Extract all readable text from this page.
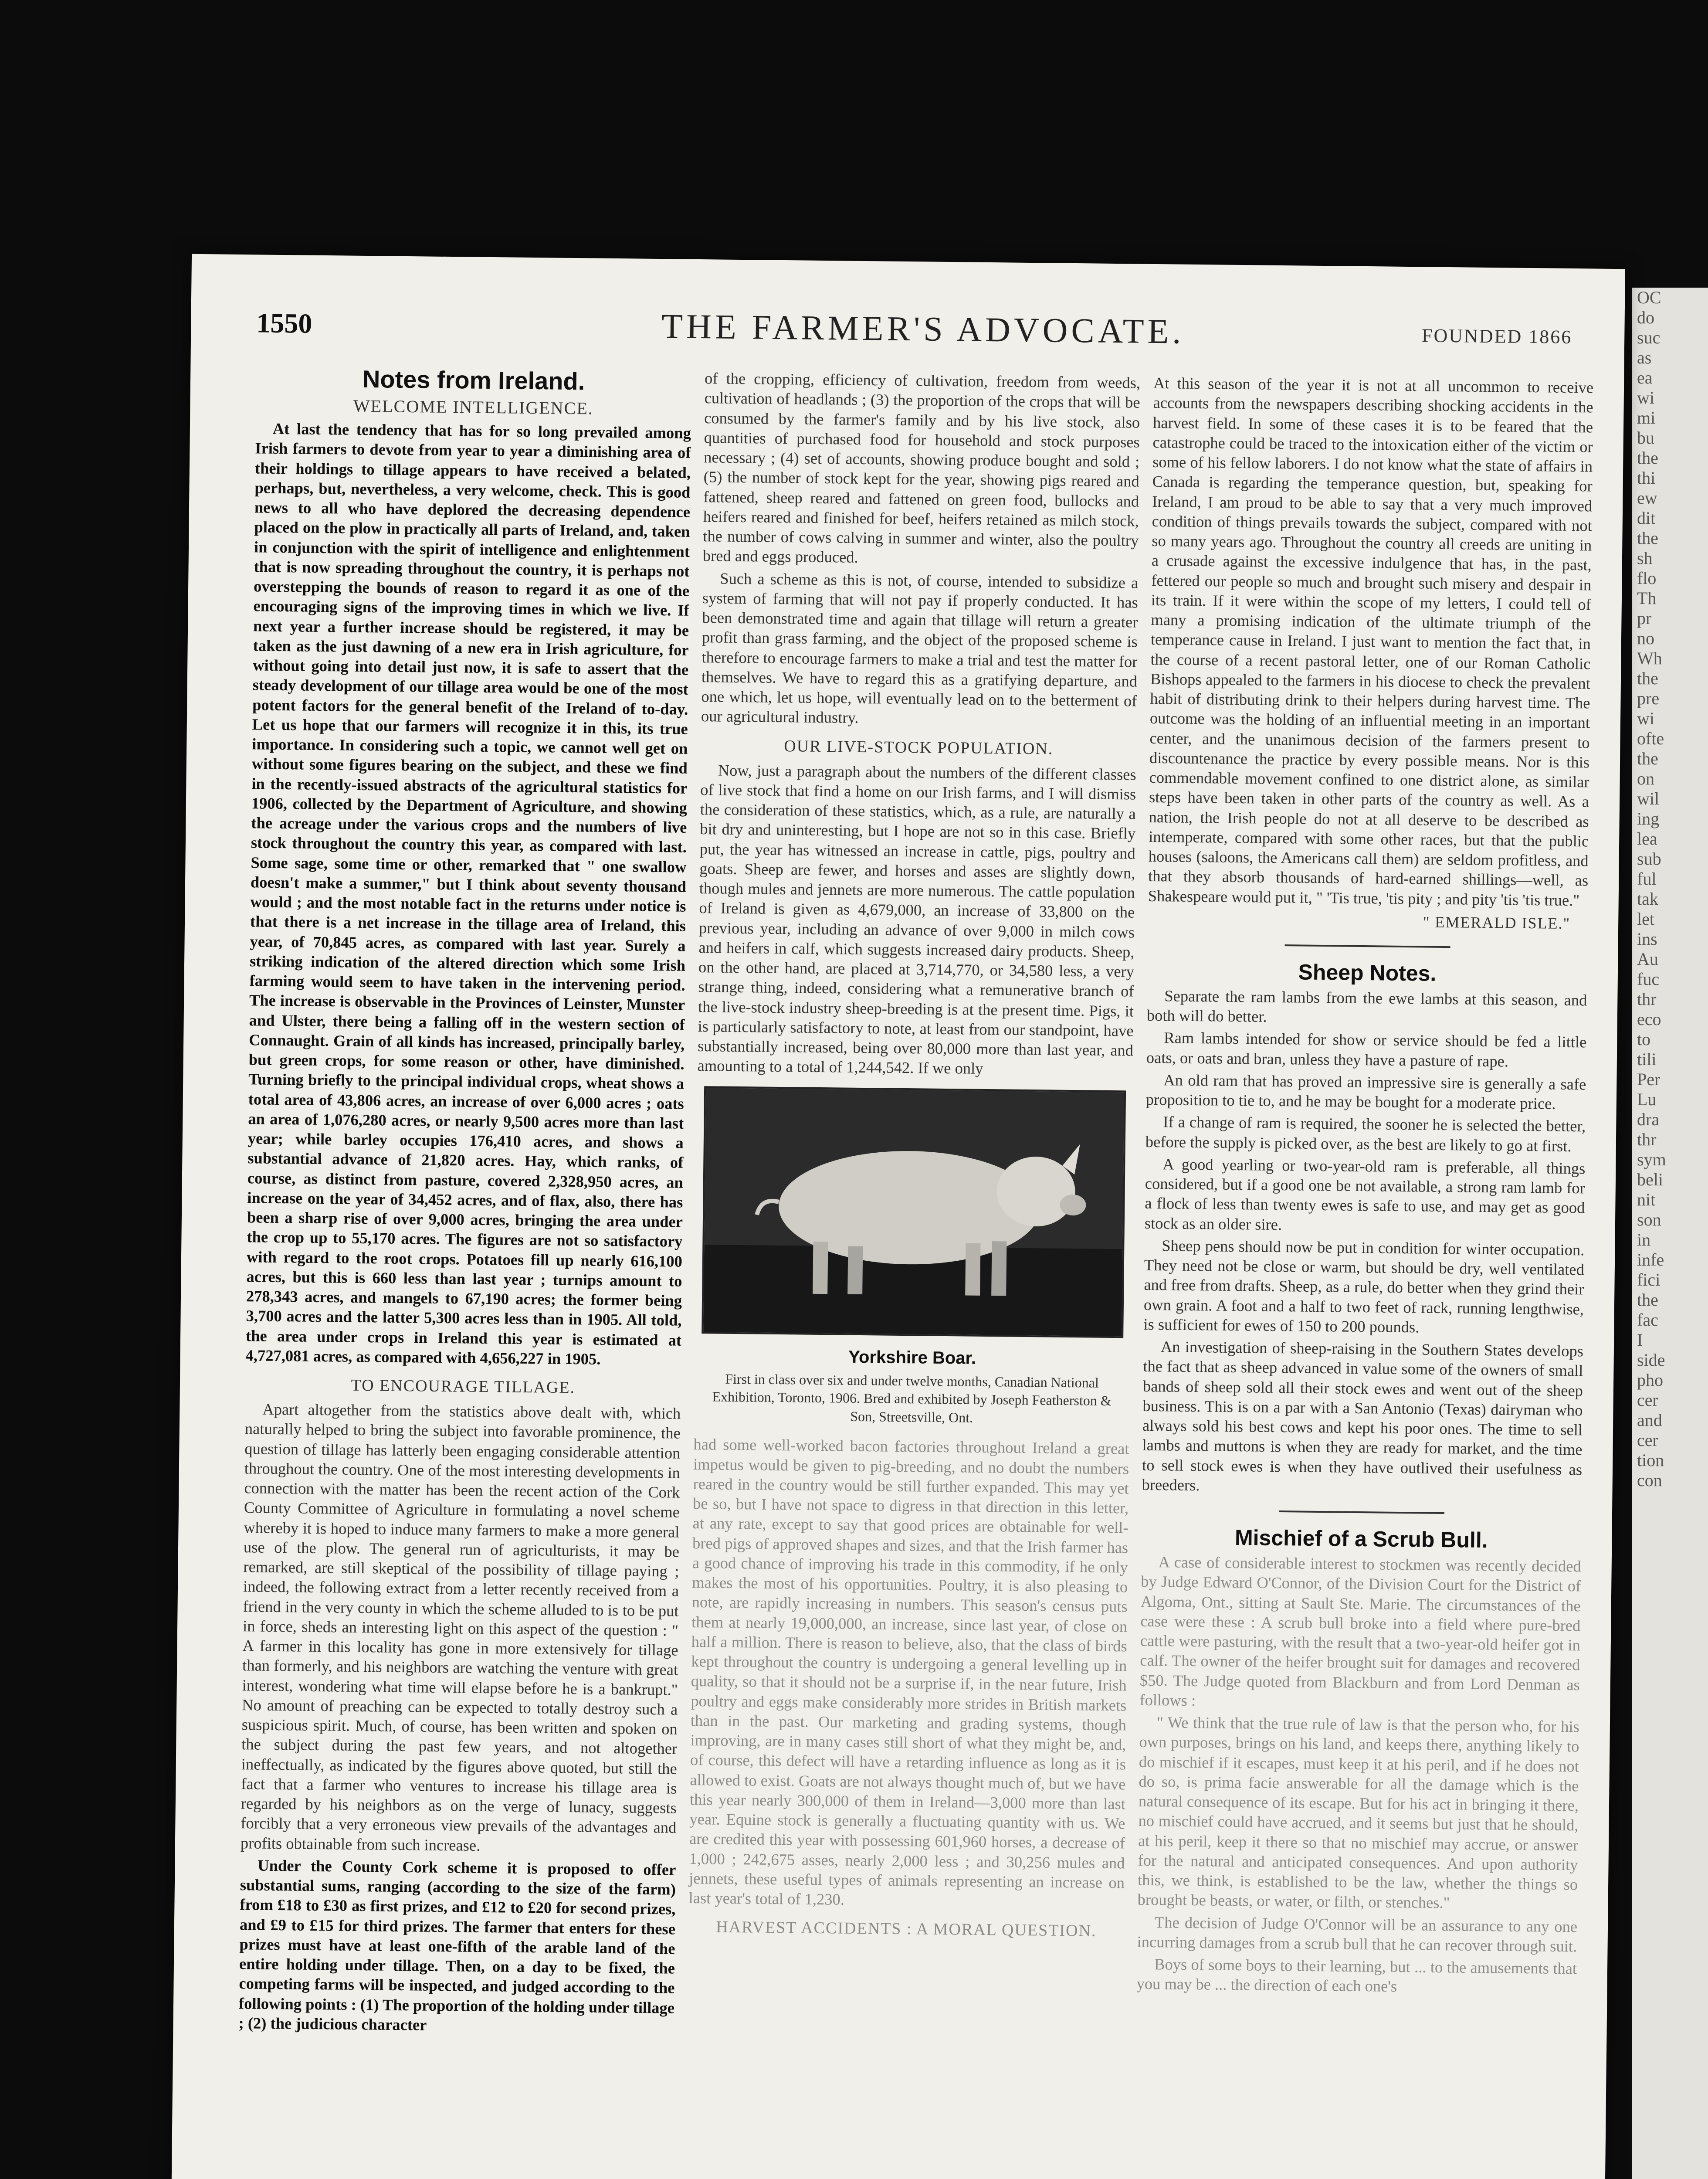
OC
do
suc
as
ea
wi
mi
bu
the
thi
ew
dit
the
sh
flo
Th
pr
no
Wh
the
pre
wi
ofte
the
on
wil
ing
lea
sub
ful
tak
let
ins
Au
fuc
thr
eco
to
tili
Per
Lu
dra
thr
sym
beli
nit
son
in
infe
fici
the
fac
I
side
pho
cer
and
cer
tion
con
1550	THE FARMER'S ADVOCATE.	FOUNDED 1866
Notes from Ireland.
WELCOME INTELLIGENCE.

At last the tendency that has for so long prevailed among Irish farmers to devote from year to year a diminishing area of their holdings to tillage appears to have received a belated, perhaps, but, nevertheless, a very welcome, check. This is good news to all who have deplored the decreasing dependence placed on the plow in practically all parts of Ireland, and, taken in conjunction with the spirit of intelligence and enlightenment that is now spreading throughout the country, it is perhaps not overstepping the bounds of reason to regard it as one of the encouraging signs of the improving times in which we live. If next year a further increase should be registered, it may be taken as the just dawning of a new era in Irish agriculture, for without going into detail just now, it is safe to assert that the steady development of our tillage area would be one of the most potent factors for the general benefit of the Ireland of to-day. Let us hope that our farmers will recognize it in this, its true importance. In considering such a topic, we cannot well get on without some figures bearing on the subject, and these we find in the recently-issued abstracts of the agricultural statistics for 1906, collected by the Department of Agriculture, and showing the acreage under the various crops and the numbers of live stock throughout the country this year, as compared with last. Some sage, some time or other, remarked that " one swallow doesn't make a summer," but I think about seventy thousand would ; and the most notable fact in the returns under notice is that there is a net increase in the tillage area of Ireland, this year, of 70,845 acres, as compared with last year. Surely a striking indication of the altered direction which some Irish farming would seem to have taken in the intervening period. The increase is observable in the Provinces of Leinster, Munster and Ulster, there being a falling off in the western section of Connaught. Grain of all kinds has increased, principally barley, but green crops, for some reason or other, have diminished. Turning briefly to the principal individual crops, wheat shows a total area of 43,806 acres, an increase of over 6,000 acres ; oats an area of 1,076,280 acres, or nearly 9,500 acres more than last year; while barley occupies 176,410 acres, and shows a substantial advance of 21,820 acres. Hay, which ranks, of course, as distinct from pasture, covered 2,328,950 acres, an increase on the year of 34,452 acres, and of flax, also, there has been a sharp rise of over 9,000 acres, bringing the area under the crop up to 55,170 acres. The figures are not so satisfactory with regard to the root crops. Potatoes fill up nearly 616,100 acres, but this is 660 less than last year ; turnips amount to 278,343 acres, and mangels to 67,190 acres; the former being 3,700 acres and the latter 5,300 acres less than in 1905. All told, the area under crops in Ireland this year is estimated at 4,727,081 acres, as compared with 4,656,227 in 1905.

TO ENCOURAGE TILLAGE.

Apart altogether from the statistics above dealt with, which naturally helped to bring the subject into favorable prominence, the question of tillage has latterly been engaging considerable attention throughout the country. One of the most interesting developments in connection with the matter has been the recent action of the Cork County Committee of Agriculture in formulating a novel scheme whereby it is hoped to induce many farmers to make a more general use of the plow. The general run of agriculturists, it may be remarked, are still skeptical of the possibility of tillage paying ; indeed, the following extract from a letter recently received from a friend in the very county in which the scheme alluded to is to be put in force, sheds an interesting light on this aspect of the question : " A farmer in this locality has gone in more extensively for tillage than formerly, and his neighbors are watching the venture with great interest, wondering what time will elapse before he is a bankrupt." No amount of preaching can be expected to totally destroy such a suspicious spirit. Much, of course, has been written and spoken on the subject during the past few years, and not altogether ineffectually, as indicated by the figures above quoted, but still the fact that a farmer who ventures to increase his tillage area is regarded by his neighbors as on the verge of lunacy, suggests forcibly that a very erroneous view prevails of the advantages and profits obtainable from such increase.

Under the County Cork scheme it is proposed to offer substantial sums, ranging (according to the size of the farm) from £18 to £30 as first prizes, and £12 to £20 for second prizes, and £9 to £15 for third prizes. The farmer that enters for these prizes must have at least one-fifth of the arable land of the entire holding under tillage. Then, on a day to be fixed, the competing farms will be inspected, and judged according to the following points : (1) The proportion of the holding under tillage ; (2) the judicious character

of the cropping, efficiency of cultivation, freedom from weeds, cultivation of headlands ; (3) the proportion of the crops that will be consumed by the farmer's family and by his live stock, also quantities of purchased food for household and stock purposes necessary ; (4) set of accounts, showing produce bought and sold ; (5) the number of stock kept for the year, showing pigs reared and fattened, sheep reared and fattened on green food, bullocks and heifers reared and finished for beef, heifers retained as milch stock, the number of cows calving in summer and winter, also the poultry bred and eggs produced.

Such a scheme as this is not, of course, intended to subsidize a system of farming that will not pay if properly conducted. It has been demonstrated time and again that tillage will return a greater profit than grass farming, and the object of the proposed scheme is therefore to encourage farmers to make a trial and test the matter for themselves. We have to regard this as a gratifying departure, and one which, let us hope, will eventually lead on to the betterment of our agricultural industry.

OUR LIVE-STOCK POPULATION.

Now, just a paragraph about the numbers of the different classes of live stock that find a home on our Irish farms, and I will dismiss the consideration of these statistics, which, as a rule, are naturally a bit dry and uninteresting, but I hope are not so in this case. Briefly put, the year has witnessed an increase in cattle, pigs, poultry and goats. Sheep are fewer, and horses and asses are slightly down, though mules and jennets are more numerous. The cattle population of Ireland is given as 4,679,000, an increase of 33,800 on the previous year, including an advance of over 9,000 in milch cows and heifers in calf, which suggests increased dairy products. Sheep, on the other hand, are placed at 3,714,770, or 34,580 less, a very strange thing, indeed, considering what a remunerative branch of the live-stock industry sheep-breeding is at the present time. Pigs, it is particularly satisfactory to note, at least from our standpoint, have substantially increased, being over 80,000 more than last year, and amounting to a total of 1,244,542. If we only

Yorkshire Boar.
First in class over six and under twelve months, Canadian National Exhibition, Toronto, 1906. Bred and exhibited by Joseph Featherston & Son, Streetsville, Ont.

had some well-worked bacon factories throughout Ireland a great impetus would be given to pig-breeding, and no doubt the numbers reared in the country would be still further expanded. This may yet be so, but I have not space to digress in that direction in this letter, at any rate, except to say that good prices are obtainable for well-bred pigs of approved shapes and sizes, and that the Irish farmer has a good chance of improving his trade in this commodity, if he only makes the most of his opportunities. Poultry, it is also pleasing to note, are rapidly increasing in numbers. This season's census puts them at nearly 19,000,000, an increase, since last year, of close on half a million. There is reason to believe, also, that the class of birds kept throughout the country is undergoing a general levelling up in quality, so that it should not be a surprise if, in the near future, Irish poultry and eggs make considerably more strides in British markets than in the past. Our marketing and grading systems, though improving, are in many cases still short of what they might be, and, of course, this defect will have a retarding influence as long as it is allowed to exist. Goats are not always thought much of, but we have this year nearly 300,000 of them in Ireland—3,000 more than last year. Equine stock is generally a fluctuating quantity with us. We are credited this year with possessing 601,960 horses, a decrease of 1,000 ; 242,675 asses, nearly 2,000 less ; and 30,256 mules and jennets, these useful types of animals representing an increase on last year's total of 1,230.

HARVEST ACCIDENTS : A MORAL QUESTION.

At this season of the year it is not at all uncommon to receive accounts from the newspapers describing shocking accidents in the harvest field. In some of these cases it is to be feared that the catastrophe could be traced to the intoxication either of the victim or some of his fellow laborers. I do not know what the state of affairs in Canada is regarding the temperance question, but, speaking for Ireland, I am proud to be able to say that a very much improved condition of things prevails towards the subject, compared with not so many years ago. Throughout the country all creeds are uniting in a crusade against the excessive indulgence that has, in the past, fettered our people so much and brought such misery and despair in its train. If it were within the scope of my letters, I could tell of many a promising indication of the ultimate triumph of the temperance cause in Ireland. I just want to mention the fact that, in the course of a recent pastoral letter, one of our Roman Catholic Bishops appealed to the farmers in his diocese to check the prevalent habit of distributing drink to their helpers during harvest time. The outcome was the holding of an influential meeting in an important center, and the unanimous decision of the farmers present to discountenance the practice by every possible means. Nor is this commendable movement confined to one district alone, as similar steps have been taken in other parts of the country as well. As a nation, the Irish people do not at all deserve to be described as intemperate, compared with some other races, but that the public houses (saloons, the Americans call them) are seldom profitless, and that they absorb thousands of hard-earned shillings—well, as Shakespeare would put it, " 'Tis true, 'tis pity ; and pity 'tis 'tis true."

" EMERALD ISLE."
Sheep Notes.

Separate the ram lambs from the ewe lambs at this season, and both will do better.

Ram lambs intended for show or service should be fed a little oats, or oats and bran, unless they have a pasture of rape.

An old ram that has proved an impressive sire is generally a safe proposition to tie to, and he may be bought for a moderate price.

If a change of ram is required, the sooner he is selected the better, before the supply is picked over, as the best are likely to go at first.

A good yearling or two-year-old ram is preferable, all things considered, but if a good one be not available, a strong ram lamb for a flock of less than twenty ewes is safe to use, and may get as good stock as an older sire.

Sheep pens should now be put in condition for winter occupation. They need not be close or warm, but should be dry, well ventilated and free from drafts. Sheep, as a rule, do better when they grind their own grain. A foot and a half to two feet of rack, running lengthwise, is sufficient for ewes of 150 to 200 pounds.

An investigation of sheep-raising in the Southern States develops the fact that as sheep advanced in value some of the owners of small bands of sheep sold all their stock ewes and went out of the sheep business. This is on a par with a San Antonio (Texas) dairyman who always sold his best cows and kept his poor ones. The time to sell lambs and muttons is when they are ready for market, and the time to sell stock ewes is when they have outlived their usefulness as breeders.

Mischief of a Scrub Bull.

A case of considerable interest to stockmen was recently decided by Judge Edward O'Connor, of the Division Court for the District of Algoma, Ont., sitting at Sault Ste. Marie. The circumstances of the case were these : A scrub bull broke into a field where pure-bred cattle were pasturing, with the result that a two-year-old heifer got in calf. The owner of the heifer brought suit for damages and recovered $50. The Judge quoted from Blackburn and from Lord Denman as follows :

" We think that the true rule of law is that the person who, for his own purposes, brings on his land, and keeps there, anything likely to do mischief if it escapes, must keep it at his peril, and if he does not do so, is prima facie answerable for all the damage which is the natural consequence of its escape. But for his act in bringing it there, no mischief could have accrued, and it seems but just that he should, at his peril, keep it there so that no mischief may accrue, or answer for the natural and anticipated consequences. And upon authority this, we think, is established to be the law, whether the things so brought be beasts, or water, or filth, or stenches."

The decision of Judge O'Connor will be an assurance to any one incurring damages from a scrub bull that he can recover through suit.

Boys of some boys to their learning, but ... to the amusements that you may be ... the direction of each one's
